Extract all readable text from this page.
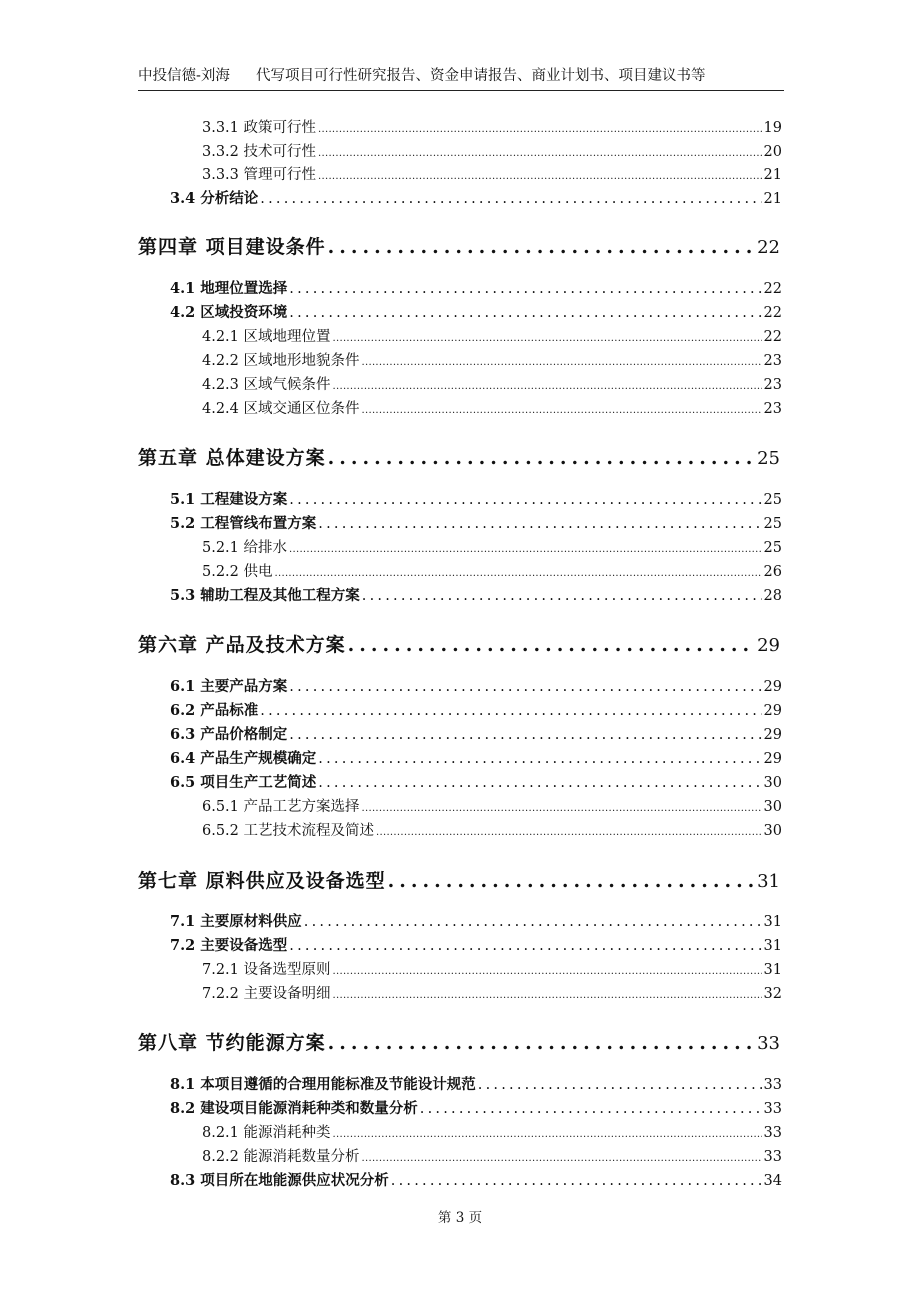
中投信德-刘海	代写项目可行性研究报告、资金申请报告、商业计划书、项目建议书等
3.3.1 政策可行性 .....	19
3.3.2 技术可行性 .....	20
3.3.3 管理可行性 .....	21
3.4 分析结论 .....	21
第四章 项目建设条件 .....	22
4.1 地理位置选择 .....	22
4.2 区域投资环境 .....	22
4.2.1 区域地理位置 .....	22
4.2.2 区域地形地貌条件 .....	23
4.2.3 区域气候条件 .....	23
4.2.4 区域交通区位条件 .....	23
第五章 总体建设方案 .....	25
5.1 工程建设方案 .....	25
5.2 工程管线布置方案 .....	25
5.2.1 给排水 .....	25
5.2.2 供电 .....	26
5.3 辅助工程及其他工程方案 .....	28
第六章 产品及技术方案 .....	29
6.1 主要产品方案 .....	29
6.2 产品标准 .....	29
6.3 产品价格制定 .....	29
6.4 产品生产规模确定 .....	29
6.5 项目生产工艺简述 .....	30
6.5.1 产品工艺方案选择 .....	30
6.5.2 工艺技术流程及简述 .....	30
第七章 原料供应及设备选型 .....	31
7.1 主要原材料供应 .....	31
7.2 主要设备选型 .....	31
7.2.1 设备选型原则 .....	31
7.2.2 主要设备明细 .....	32
第八章 节约能源方案 .....	33
8.1 本项目遵循的合理用能标准及节能设计规范 .....	33
8.2 建设项目能源消耗种类和数量分析 .....	33
8.2.1 能源消耗种类 .....	33
8.2.2 能源消耗数量分析 .....	33
8.3 项目所在地能源供应状况分析 .....	34
第 3 页
